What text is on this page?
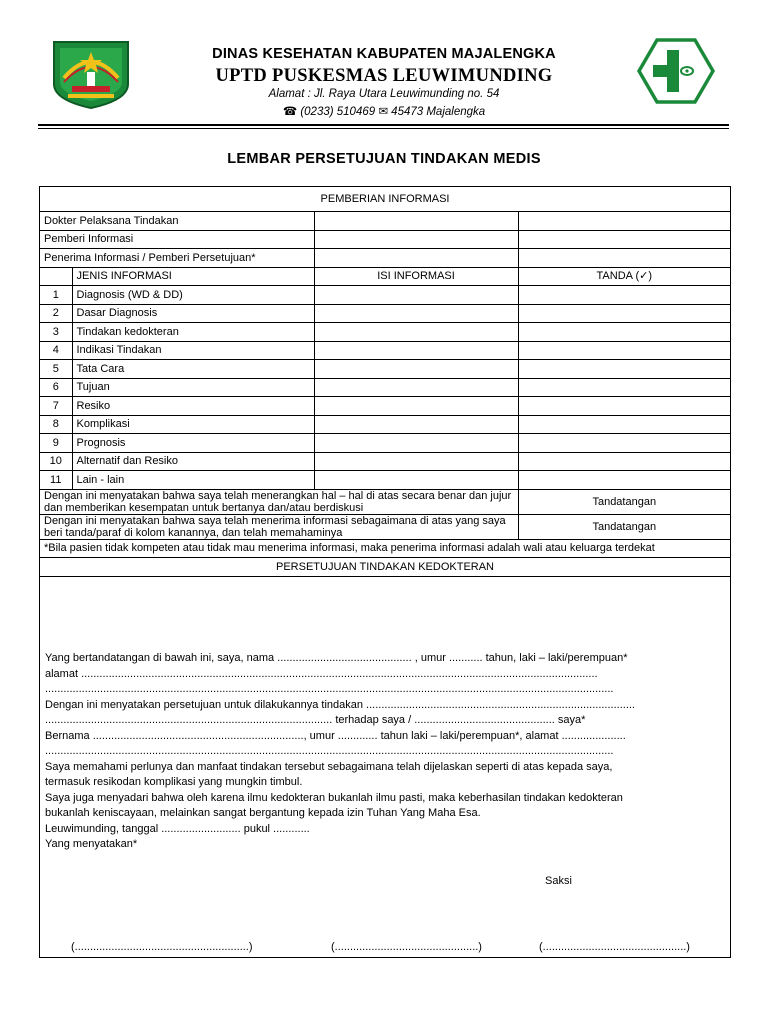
DINAS KESEHATAN KABUPATEN MAJALENGKA
UPTD PUSKESMAS LEUWIMUNDING
Alamat : Jl. Raya Utara Leuwimunding no. 54
☎ (0233) 510469 ✉ 45473 Majalengka
LEMBAR PERSETUJUAN TINDAKAN MEDIS
PEMBERIAN INFORMASI			
Dokter Pelaksana Tindakan			
Pemberi Informasi			
Penerima Informasi / Pemberi Persetujuan*			
	JENIS INFORMASI	ISI INFORMASI	TANDA (✓)
1	Diagnosis (WD & DD)		
2	Dasar Diagnosis		
3	Tindakan kedokteran		
4	Indikasi Tindakan		
5	Tata Cara		
6	Tujuan		
7	Resiko		
8	Komplikasi		
9	Prognosis		
10	Alternatif dan Resiko		
11	Lain - lain		
Dengan ini menyatakan bahwa saya telah menerangkan hal – hal di atas secara benar dan jujur dan memberikan kesempatan untuk bertanya dan/atau berdiskusi			Tandatangan
Dengan ini menyatakan bahwa saya telah menerima informasi sebagaimana di atas yang saya beri tanda/paraf di kolom kanannya, dan telah memahaminya			Tandatangan
*Bila pasien tidak kompeten atau tidak mau menerima informasi, maka penerima informasi adalah wali atau keluarga terdekat			
PERSETUJUAN TINDAKAN KEDOKTERAN			

Yang bertandatangan di bawah ini, saya, nama ............................................ , umur ........... tahun, laki – laki/perempuan*

alamat .........................................................................................................................................................................

..........................................................................................................................................................................................

Dengan ini menyatakan persetujuan untuk dilakukannya tindakan ........................................................................................

.............................................................................................. terhadap saya / .............................................. saya*

Bernama ....................................................................., umur ............. tahun laki – laki/perempuan*, alamat .....................

..........................................................................................................................................................................................

Saya memahami perlunya dan manfaat tindakan tersebut sebagaimana telah dijelaskan seperti di atas kepada saya,

termasuk resikodan komplikasi yang mungkin timbul.

Saya juga menyadari bahwa oleh karena ilmu kedokteran bukanlah ilmu pasti, maka keberhasilan tindakan kedokteran

bukanlah keniscayaan, melainkan sangat bergantung kepada izin Tuhan Yang Maha Esa.

Leuwimunding, tanggal .......................... pukul ............

Yang menyatakan*

Saksi
(.........................................................)	(...............................................)	(...............................................)
